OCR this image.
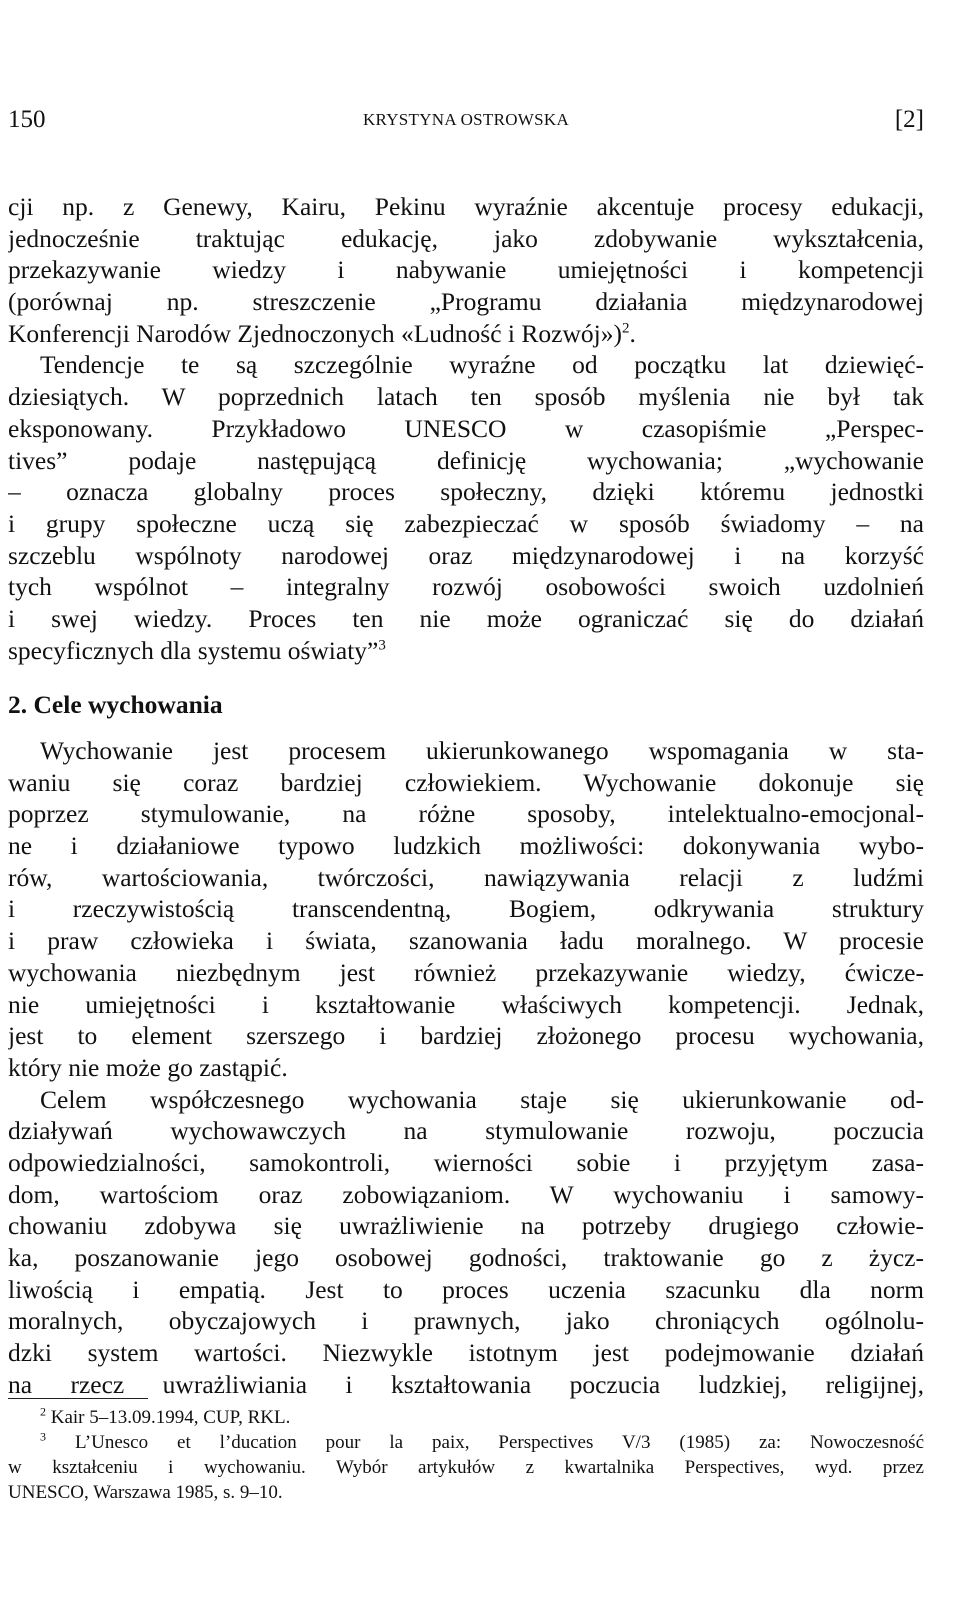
150	KRYSTYNA OSTROWSKA	[2]
cji np. z Genewy, Kairu, Pekinu wyraźnie akcentuje procesy edukacji,
jednocześnie traktując edukację, jako zdobywanie wykształcenia,
przekazywanie wiedzy i nabywanie umiejętności i kompetencji
(porównaj np. streszczenie „Programu działania międzynarodowej
Konferencji Narodów Zjednoczonych «Ludność i Rozwój»)$^2$.
Tendencje te są szczególnie wyraźne od początku lat dziewięć-
dziesiątych. W poprzednich latach ten sposób myślenia nie był tak
eksponowany. Przykładowo UNESCO w czasopiśmie „Perspec-
tives” podaje następującą definicję wychowania; „wychowanie
– oznacza globalny proces społeczny, dzięki któremu jednostki
i grupy społeczne uczą się zabezpieczać w sposób świadomy – na
szczeblu wspólnoty narodowej oraz międzynarodowej i na korzyść
tych wspólnot – integralny rozwój osobowości swoich uzdolnień
i swej wiedzy. Proces ten nie może ograniczać się do działań
specyficznych dla systemu oświaty”$^3$
2. Cele wychowania
Wychowanie jest procesem ukierunkowanego wspomagania w sta-
waniu się coraz bardziej człowiekiem. Wychowanie dokonuje się
poprzez stymulowanie, na różne sposoby, intelektualno-emocjonal-
ne i działaniowe typowo ludzkich możliwości: dokonywania wybo-
rów, wartościowania, twórczości, nawiązywania relacji z ludźmi
i rzeczywistością transcendentną, Bogiem, odkrywania struktury
i praw człowieka i świata, szanowania ładu moralnego. W procesie
wychowania niezbędnym jest również przekazywanie wiedzy, ćwicze-
nie umiejętności i kształtowanie właściwych kompetencji. Jednak,
jest to element szerszego i bardziej złożonego procesu wychowania,
który nie może go zastąpić.
Celem współczesnego wychowania staje się ukierunkowanie od-
działywań wychowawczych na stymulowanie rozwoju, poczucia
odpowiedzialności, samokontroli, wierności sobie i przyjętym zasa-
dom, wartościom oraz zobowiązaniom. W wychowaniu i samowy-
chowaniu zdobywa się uwrażliwienie na potrzeby drugiego człowie-
ka, poszanowanie jego osobowej godności, traktowanie go z życz-
liwością i empatią. Jest to proces uczenia szacunku dla norm
moralnych, obyczajowych i prawnych, jako chroniących ogólnolu-
dzki system wartości. Niezwykle istotnym jest podejmowanie działań
na rzecz uwrażliwiania i kształtowania poczucia ludzkiej, religijnej,
$^2$ Kair 5–13.09.1994, CUP, RKL.
$^3$ L’Unesco et l’ducation pour la paix, Perspectives V/3 (1985) za: Nowoczesność
w kształceniu i wychowaniu. Wybór artykułów z kwartalnika Perspectives, wyd. przez
UNESCO, Warszawa 1985, s. 9–10.
